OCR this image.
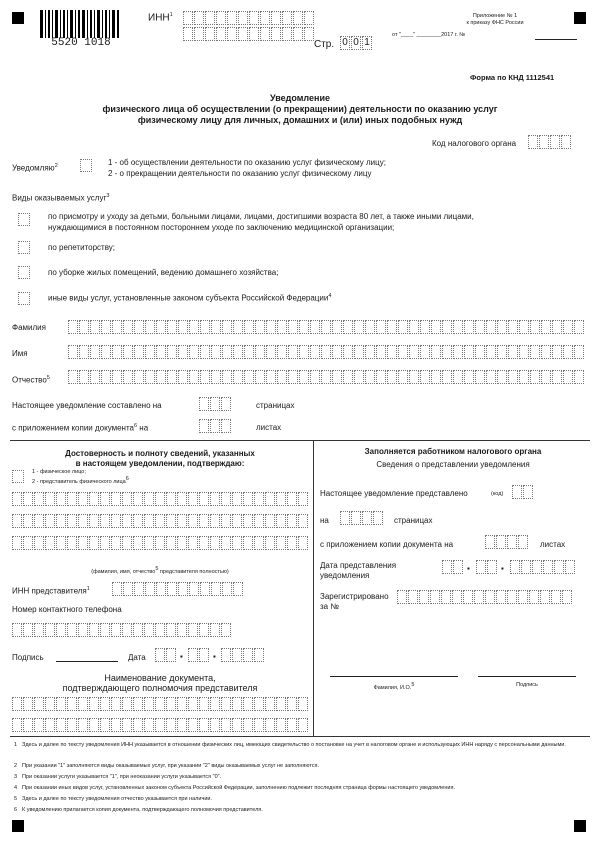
5520 1018
ИНН$^1$
Стр. 0 0 1
Приложение № 1
к приказу ФНС России
от "____" ________2017 г. №
Форма по КНД 1112541
Уведомление
физического лица об осуществлении (о прекращении) деятельности по оказанию услуг
физическому лицу для личных, домашних и (или) иных подобных нужд
Код налогового органа
Уведомляю$^2$	1 - об осуществлении деятельности по оказанию услуг физическому лицу;
2 - о прекращении деятельности по оказанию услуг физическому лицу
Виды оказываемых услуг$^3$
по присмотру и уходу за детьми, больными лицами, лицами, достигшими возраста 80 лет, а также иными лицами,
нуждающимися в постоянном постороннем уходе по заключению медицинской организации;
по репетиторству;
по уборке жилых помещений, ведению домашнего хозяйства;
иные виды услуг, установленные законом субъекта Российской Федерации$^4$
Фамилия
Имя
Отчество$^5$
Настоящее уведомление составлено на	страницах
с приложением копии документа$^6$ на	листах
Достоверность и полноту сведений, указанных
в настоящем уведомлении, подтверждаю:
1 - физическое лицо;
2 - представитель физического лица6
(фамилия, имя, отчество5 представителя полностью)
ИНН представителя$^1$
Номер контактного телефона
Подпись	Дата	▪	▪
Наименование документа,
подтверждающего полномочия представителя
Заполняется работником налогового органа
Сведения о представлении уведомления
Настоящее уведомление представлено	(код)
на	страницах
с приложением копии документа на	листах
Дата представления
уведомления
▪	▪
Зарегистрировано
за №
Фамилия, И.О.5	Подпись
1 Здесь и далее по тексту уведомления ИНН указывается в отношении физических лиц, имеющих свидетельство о постановке на учет в налоговом органе и использующих ИНН наряду с персональными данными.
2 При указании "1" заполняются виды оказываемых услуг, при указании "2" виды оказываемых услуг не заполняются.
3 При оказании услуги указывается "1", при неоказании услуги указывается "0".
4 При оказании иных видов услуг, установленных законом субъекта Российской Федерации, заполнению подлежит последняя страница формы настоящего уведомления.
5 Здесь и далее по тексту уведомления отчество указывается при наличии.
6 К уведомлению прилагается копия документа, подтверждающего полномочия представителя.
